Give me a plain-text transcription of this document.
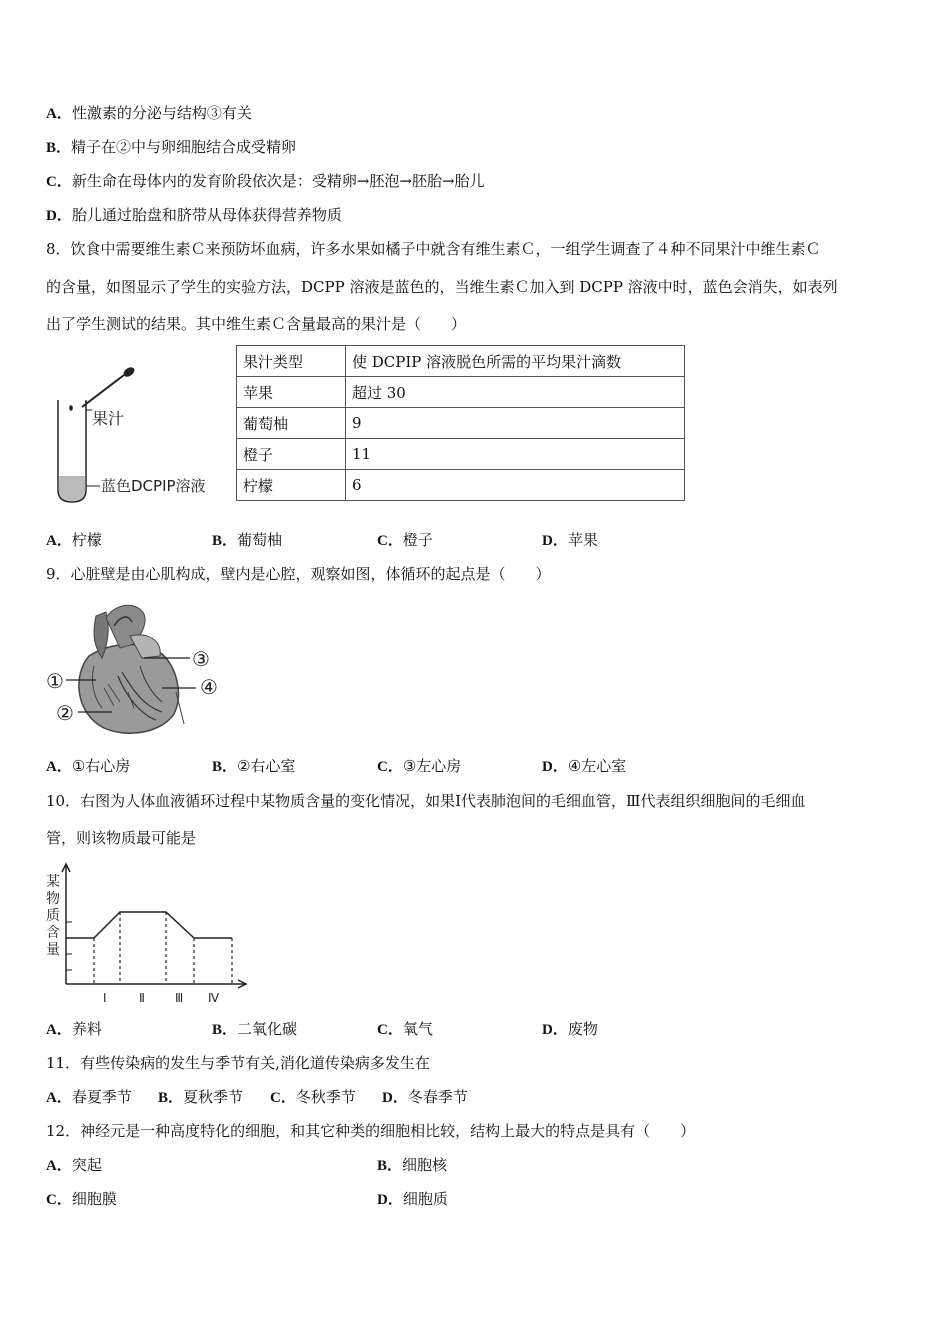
A．性激素的分泌与结构③有关
B．精子在②中与卵细胞结合成受精卵
C．新生命在母体内的发育阶段依次是：受精卵→胚泡→胚胎→胎儿
D．胎儿通过胎盘和脐带从母体获得营养物质
8．饮食中需要维生素Ｃ来预防坏血病，许多水果如橘子中就含有维生素Ｃ，一组学生调查了４种不同果汁中维生素Ｃ
的含量，如图显示了学生的实验方法，DCPP 溶液是蓝色的，当维生素Ｃ加入到 DCPP 溶液中时，蓝色会消失，如表列
出了学生测试的结果。其中维生素Ｃ含量最高的果汁是（　　）
果汁
蓝色DCPIP溶液
果汁类型	使 DCPIP 溶液脱色所需的平均果汁滴数
苹果	超过 30
葡萄柚	9
橙子	11
柠檬	6
A．柠檬	B．葡萄柚	C．橙子	D．苹果
9．心脏壁是由心肌构成，壁内是心腔，观察如图，体循环的起点是（　　）
①
②
③
④
A．①右心房	B．②右心室	C．③左心房	D．④左心室
10．右图为人体血液循环过程中某物质含量的变化情况，如果Ⅰ代表肺泡间的毛细血管，Ⅲ代表组织细胞间的毛细血
管，则该物质最可能是
某
物
质
含
量
Ⅰ	Ⅱ	Ⅲ Ⅳ
A．养料	B．二氧化碳	C．氧气	D．废物
11．有些传染病的发生与季节有关,消化道传染病多发生在
A．春夏季节 B．夏秋季节 C．冬秋季节 D．冬春季节
12．神经元是一种高度特化的细胞，和其它种类的细胞相比较，结构上最大的特点是具有（　　）
A．突起	B．细胞核
C．细胞膜	D．细胞质
